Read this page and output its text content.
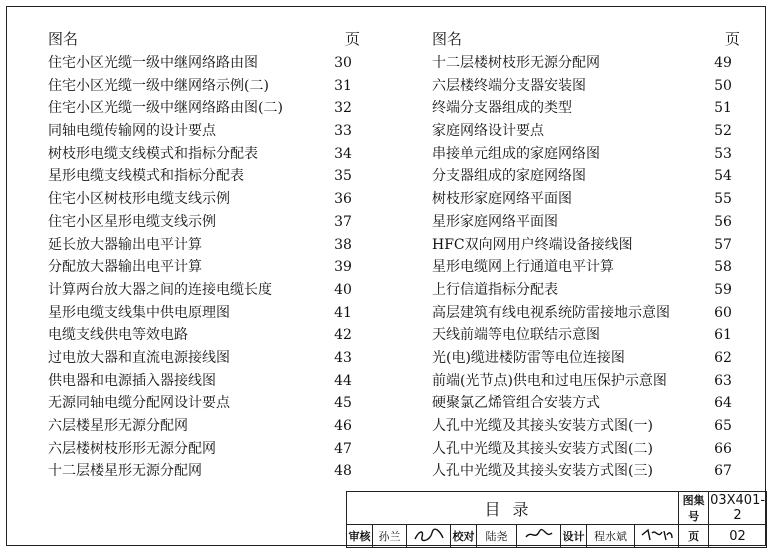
图名	页
住宅小区光缆一级中继网络路由图	30
住宅小区光缆一级中继网络示例(二)	31
住宅小区光缆一级中继网络路由图(二)	32
同轴电缆传输网的设计要点	33
树枝形电缆支线模式和指标分配表	34
星形电缆支线模式和指标分配表	35
住宅小区树枝形电缆支线示例	36
住宅小区星形电缆支线示例	37
延长放大器输出电平计算	38
分配放大器输出电平计算	39
计算两台放大器之间的连接电缆长度	40
星形电缆支线集中供电原理图	41
电缆支线供电等效电路	42
过电放大器和直流电源接线图	43
供电器和电源插入器接线图	44
无源同轴电缆分配网设计要点	45
六层楼星形无源分配网	46
六层楼树枝形形无源分配网	47
十二层楼星形无源分配网	48
图名	页
十二层楼树枝形无源分配网	49
六层楼终端分支器安装图	50
终端分支器组成的类型	51
家庭网络设计要点	52
串接单元组成的家庭网络图	53
分支器组成的家庭网络图	54
树枝形家庭网络平面图	55
星形家庭网络平面图	56
HFC双向网用户终端设备接线图	57
星形电缆网上行通道电平计算	58
上行信道指标分配表	59
高层建筑有线电视系统防雷接地示意图	60
天线前端等电位联结示意图	61
光(电)缆进楼防雷等电位连接图	62
前端(光节点)供电和过电压保护示意图	63
硬聚氯乙烯管组合安装方式	64
人孔中光缆及其接头安装方式图(一)	65
人孔中光缆及其接头安装方式图(二)	66
人孔中光缆及其接头安装方式图(三)	67
目录									图集号	03X401-2
审核	孙兰		校对	陆尧		设计	程水斌		页	02
